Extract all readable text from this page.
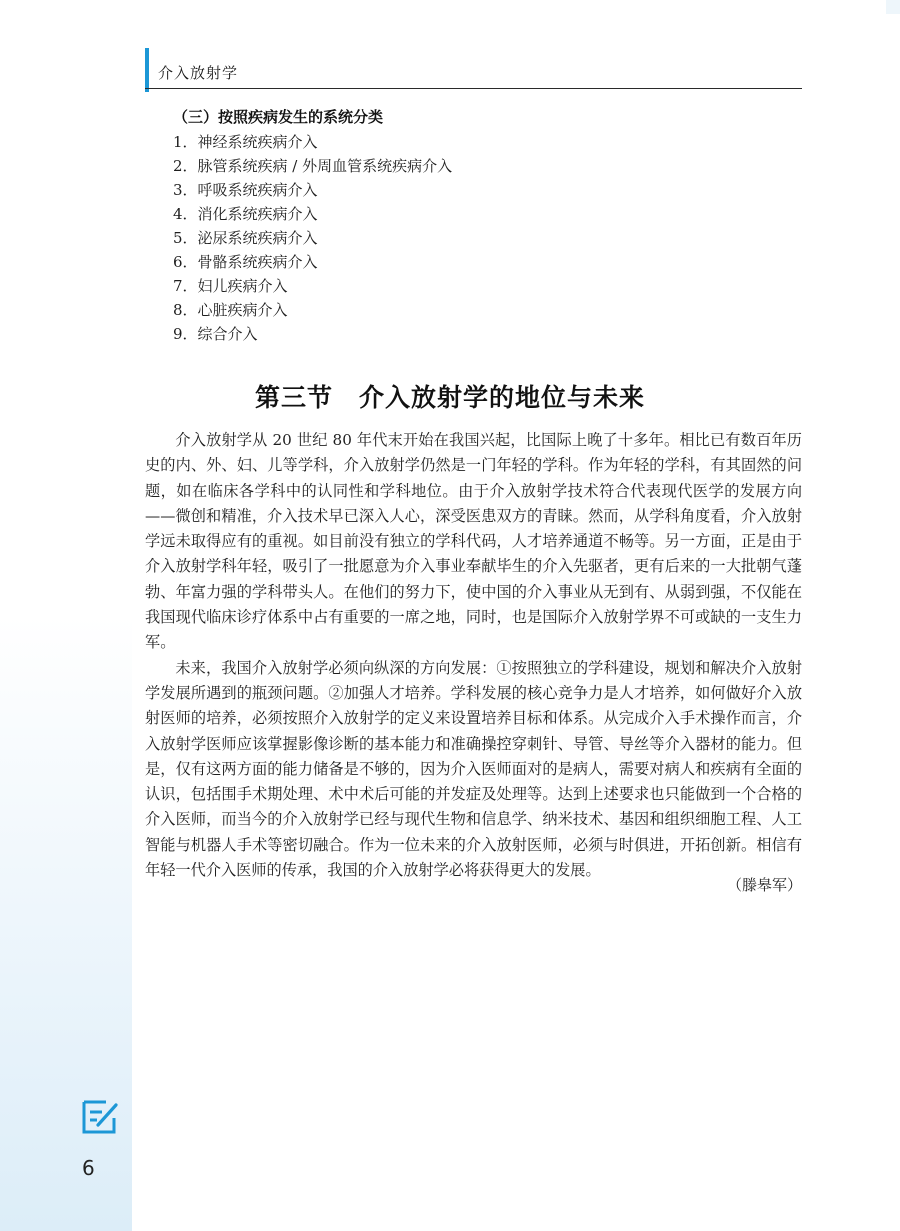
介入放射学
（三）按照疾病发生的系统分类
1．神经系统疾病介入
2．脉管系统疾病 / 外周血管系统疾病介入
3．呼吸系统疾病介入
4．消化系统疾病介入
5．泌尿系统疾病介入
6．骨骼系统疾病介入
7．妇儿疾病介入
8．心脏疾病介入
9．综合介入
第三节　介入放射学的地位与未来

介入放射学从 20 世纪 80 年代末开始在我国兴起，比国际上晚了十多年。相比已有数百年历史的内、外、妇、儿等学科，介入放射学仍然是一门年轻的学科。作为年轻的学科，有其固然的问题，如在临床各学科中的认同性和学科地位。由于介入放射学技术符合代表现代医学的发展方向——微创和精准，介入技术早已深入人心，深受医患双方的青睐。然而，从学科角度看，介入放射学远未取得应有的重视。如目前没有独立的学科代码，人才培养通道不畅等。另一方面，正是由于介入放射学科年轻，吸引了一批愿意为介入事业奉献毕生的介入先驱者，更有后来的一大批朝气蓬勃、年富力强的学科带头人。在他们的努力下，使中国的介入事业从无到有、从弱到强，不仅能在我国现代临床诊疗体系中占有重要的一席之地，同时，也是国际介入放射学界不可或缺的一支生力军。

未来，我国介入放射学必须向纵深的方向发展：①按照独立的学科建设，规划和解决介入放射学发展所遇到的瓶颈问题。②加强人才培养。学科发展的核心竞争力是人才培养，如何做好介入放射医师的培养，必须按照介入放射学的定义来设置培养目标和体系。从完成介入手术操作而言，介入放射学医师应该掌握影像诊断的基本能力和准确操控穿刺针、导管、导丝等介入器材的能力。但是，仅有这两方面的能力储备是不够的，因为介入医师面对的是病人，需要对病人和疾病有全面的认识，包括围手术期处理、术中术后可能的并发症及处理等。达到上述要求也只能做到一个合格的介入医师，而当今的介入放射学已经与现代生物和信息学、纳米技术、基因和组织细胞工程、人工智能与机器人手术等密切融合。作为一位未来的介入放射医师，必须与时俱进，开拓创新。相信有年轻一代介入医师的传承，我国的介入放射学必将获得更大的发展。

（滕皋军）
6
